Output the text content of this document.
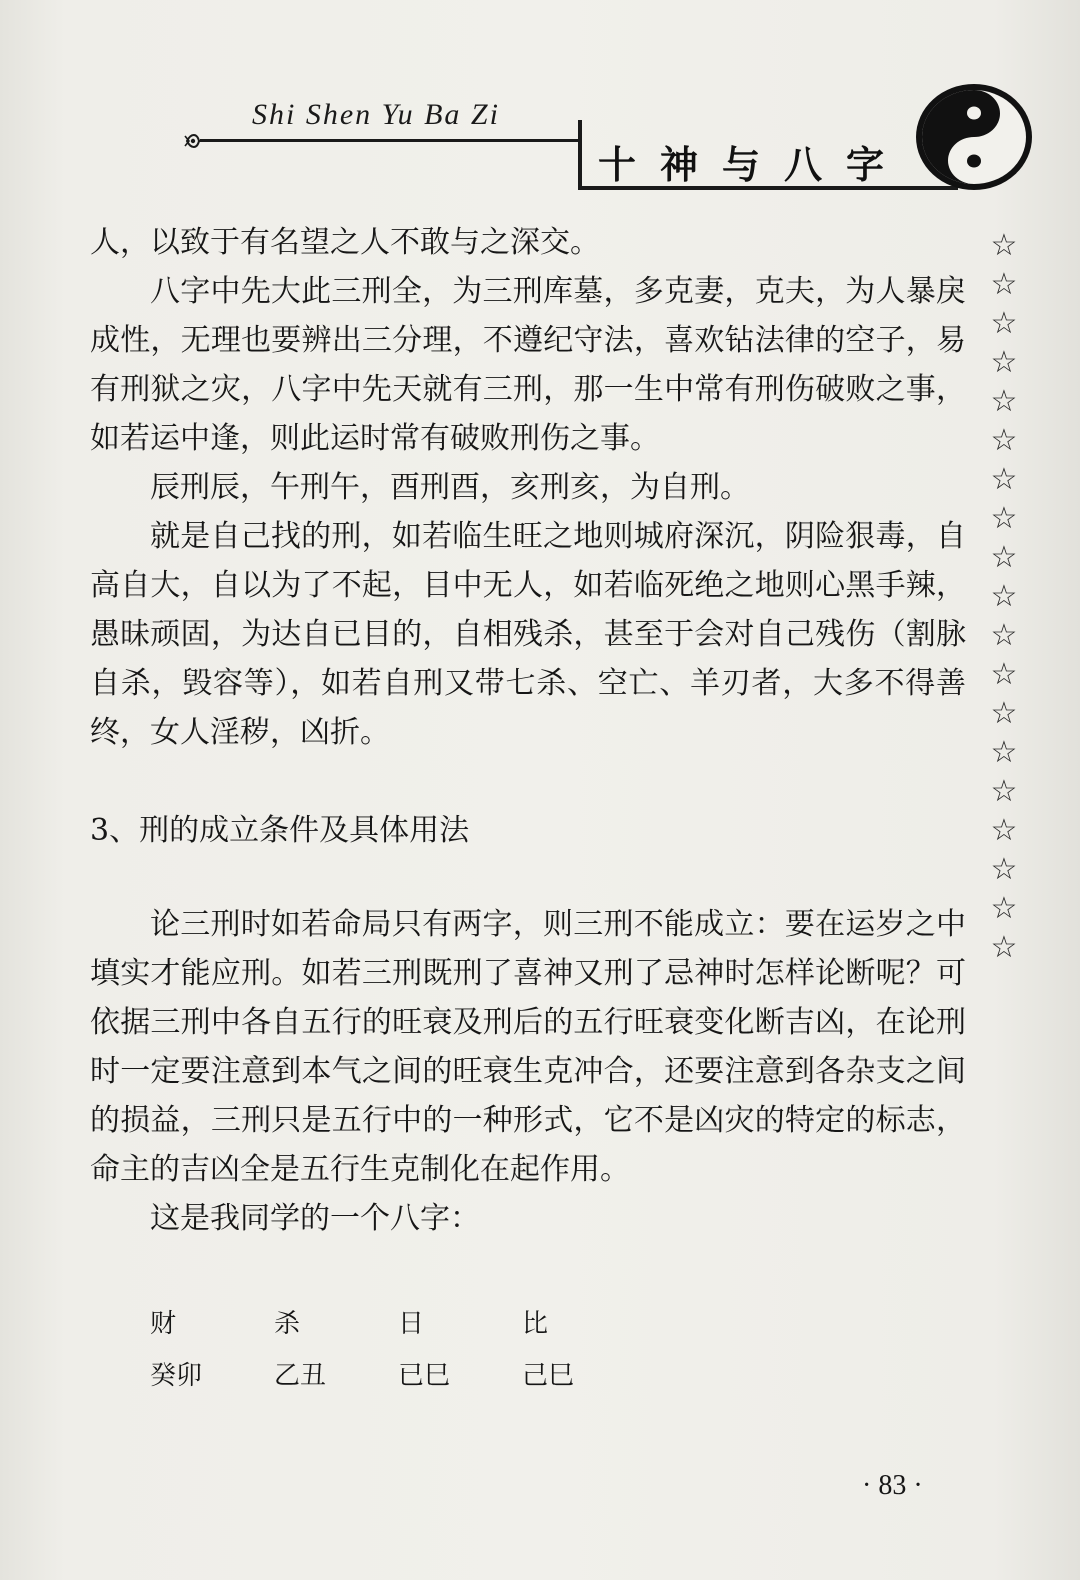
Shi Shen Yu Ba Zi
十神与八字
☆
☆
☆
☆
☆
☆
☆
☆
☆
☆
☆
☆
☆
☆
☆
☆
☆
☆
☆

人，以致于有名望之人不敢与之深交。

八字中先大此三刑全，为三刑库墓，多克妻，克夫，为人暴戾成性，无理也要辨出三分理，不遵纪守法，喜欢钻法律的空子，易有刑狱之灾，八字中先天就有三刑，那一生中常有刑伤破败之事，如若运中逢，则此运时常有破败刑伤之事。

辰刑辰，午刑午，酉刑酉，亥刑亥，为自刑。

就是自己找的刑，如若临生旺之地则城府深沉，阴险狠毒，自高自大，自以为了不起，目中无人，如若临死绝之地则心黑手辣，愚昧顽固，为达自已目的，自相残杀，甚至于会对自己残伤（割脉自杀，毁容等），如若自刑又带七杀、空亡、羊刃者，大多不得善终，女人淫秽，凶折。

3、刑的成立条件及具体用法

论三刑时如若命局只有两字，则三刑不能成立：要在运岁之中填实才能应刑。如若三刑既刑了喜神又刑了忌神时怎样论断呢？可依据三刑中各自五行的旺衰及刑后的五行旺衰变化断吉凶，在论刑时一定要注意到本气之间的旺衰生克冲合，还要注意到各杂支之间的损益，三刑只是五行中的一种形式，它不是凶灾的特定的标志，命主的吉凶全是五行生克制化在起作用。

这是我同学的一个八字：

财	杀	日	比
癸卯	乙丑	已巳	己巳
· 83 ·
